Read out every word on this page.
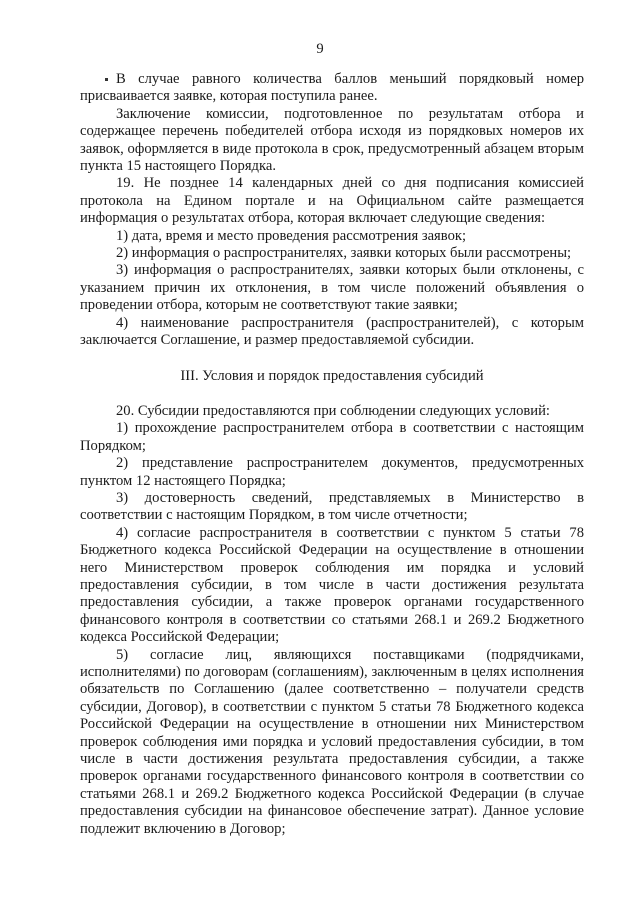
9

В случае равного количества баллов меньший порядковый номер присваивается заявке, которая поступила ранее.

Заключение комиссии, подготовленное по результатам отбора и содержащее перечень победителей отбора исходя из порядковых номеров их заявок, оформляется в виде протокола в срок, предусмотренный абзацем вторым пункта 15 настоящего Порядка.

19. Не позднее 14 календарных дней со дня подписания комиссией протокола на Едином портале и на Официальном сайте размещается информация о результатах отбора, которая включает следующие сведения:

1) дата, время и место проведения рассмотрения заявок;

2) информация о распространителях, заявки которых были рассмотрены;

3) информация о распространителях, заявки которых были отклонены, с указанием причин их отклонения, в том числе положений объявления о проведении отбора, которым не соответствуют такие заявки;

4) наименование распространителя (распространителей), с которым заключается Соглашение, и размер предоставляемой субсидии.

III. Условия и порядок предоставления субсидий

20. Субсидии предоставляются при соблюдении следующих условий:

1) прохождение распространителем отбора в соответствии с настоящим Порядком;

2) представление распространителем документов, предусмотренных пунктом 12 настоящего Порядка;

3) достоверность сведений, представляемых в Министерство в соответствии с настоящим Порядком, в том числе отчетности;

4) согласие распространителя в соответствии с пунктом 5 статьи 78 Бюджетного кодекса Российской Федерации на осуществление в отношении него Министерством проверок соблюдения им порядка и условий предоставления субсидии, в том числе в части достижения результата предоставления субсидии, а также проверок органами государственного финансового контроля в соответствии со статьями 268.1 и 269.2 Бюджетного кодекса Российской Федерации;

5) согласие лиц, являющихся поставщиками (подрядчиками, исполнителями) по договорам (соглашениям), заключенным в целях исполнения обязательств по Соглашению (далее соответственно – получатели средств субсидии, Договор), в соответствии с пунктом 5 статьи 78 Бюджетного кодекса Российской Федерации на осуществление в отношении них Министерством проверок соблюдения ими порядка и условий предоставления субсидии, в том числе в части достижения результата предоставления субсидии, а также проверок органами государственного финансового контроля в соответствии со статьями 268.1 и 269.2 Бюджетного кодекса Российской Федерации (в случае предоставления субсидии на финансовое обеспечение затрат). Данное условие подлежит включению в Договор;
